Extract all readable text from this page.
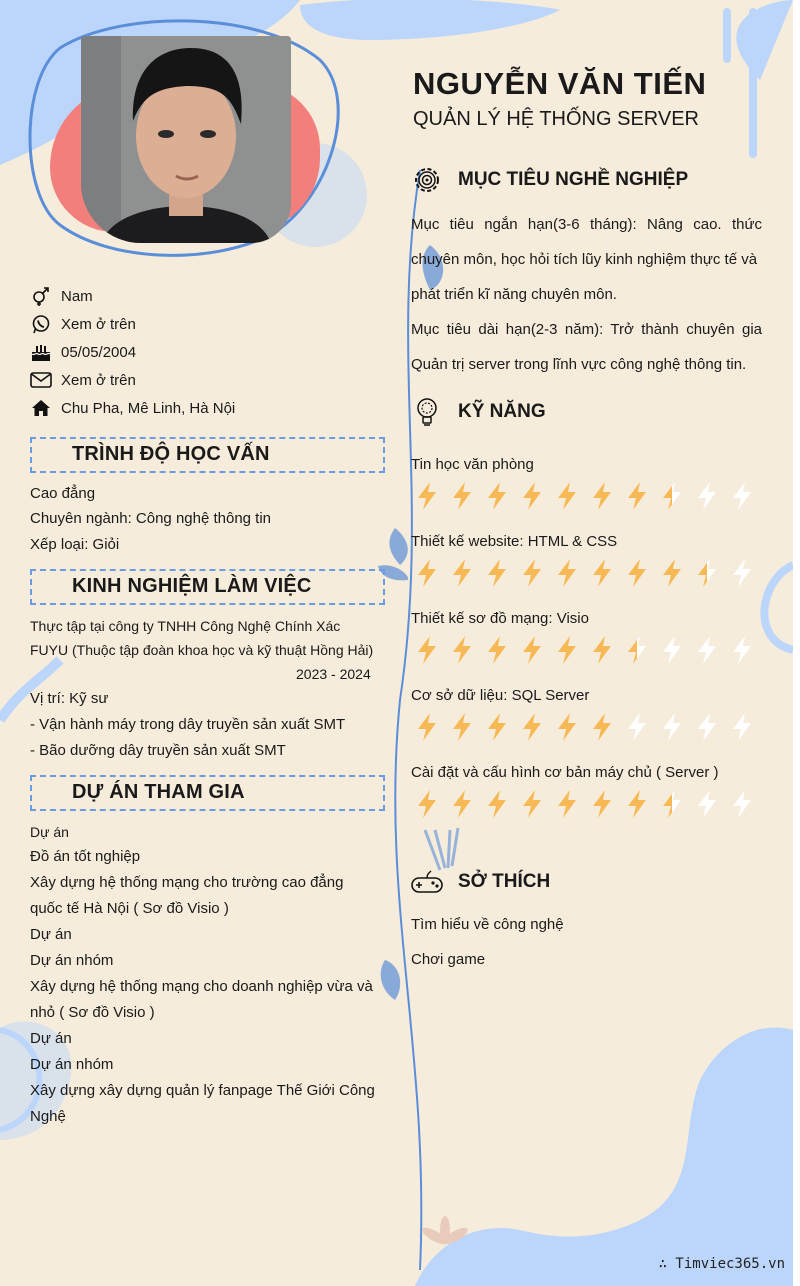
NGUYỄN VĂN TIẾN
QUẢN LÝ HỆ THỐNG SERVER
Nam
Xem ở trên
05/05/2004
Xem ở trên
Chu Pha, Mê Linh, Hà Nội
TRÌNH ĐỘ HỌC VẤN
Cao đẳng
Chuyên ngành: Công nghệ thông tin
Xếp loại: Giỏi
KINH NGHIỆM LÀM VIỆC
Thực tập tại công ty TNHH Công Nghệ Chính Xác
FUYU (Thuộc tập đoàn khoa học và kỹ thuật Hồng Hải)
2023 - 2024
Vị trí: Kỹ sư
- Vận hành máy trong dây truyền sản xuất SMT
- Bão dưỡng dây truyền sản xuất SMT
DỰ ÁN THAM GIA
Dự án
Đồ án tốt nghiệp
Xây dựng hệ thống mạng cho trường cao đẳng
quốc tế Hà Nội ( Sơ đồ Visio )
Dự án
Dự án nhóm
Xây dựng hệ thống mạng cho doanh nghiệp vừa và
nhỏ ( Sơ đồ Visio )
Dự án
Dự án nhóm
Xây dựng xây dựng quản lý fanpage Thế Giới Công
Nghệ
MỤC TIÊU NGHỀ NGHIỆP
Mục tiêu ngắn hạn(3-6 tháng): Nâng cao. thức
chuyên môn, học hỏi tích lũy kinh nghiệm thực tế và
phát triển kĩ năng chuyên môn.
Mục tiêu dài hạn(2-3 năm): Trở thành chuyên gia
Quản trị server trong lĩnh vực công nghệ thông tin.
KỸ NĂNG
Tin học văn phòng
Thiết kế website: HTML & CSS
Thiết kế sơ đồ mạng: Visio
Cơ sở dữ liệu: SQL Server
Cài đặt và cấu hình cơ bản máy chủ ( Server )
SỞ THÍCH
Tìm hiểu về công nghệ
Chơi game
∴ Timviec365.vn
